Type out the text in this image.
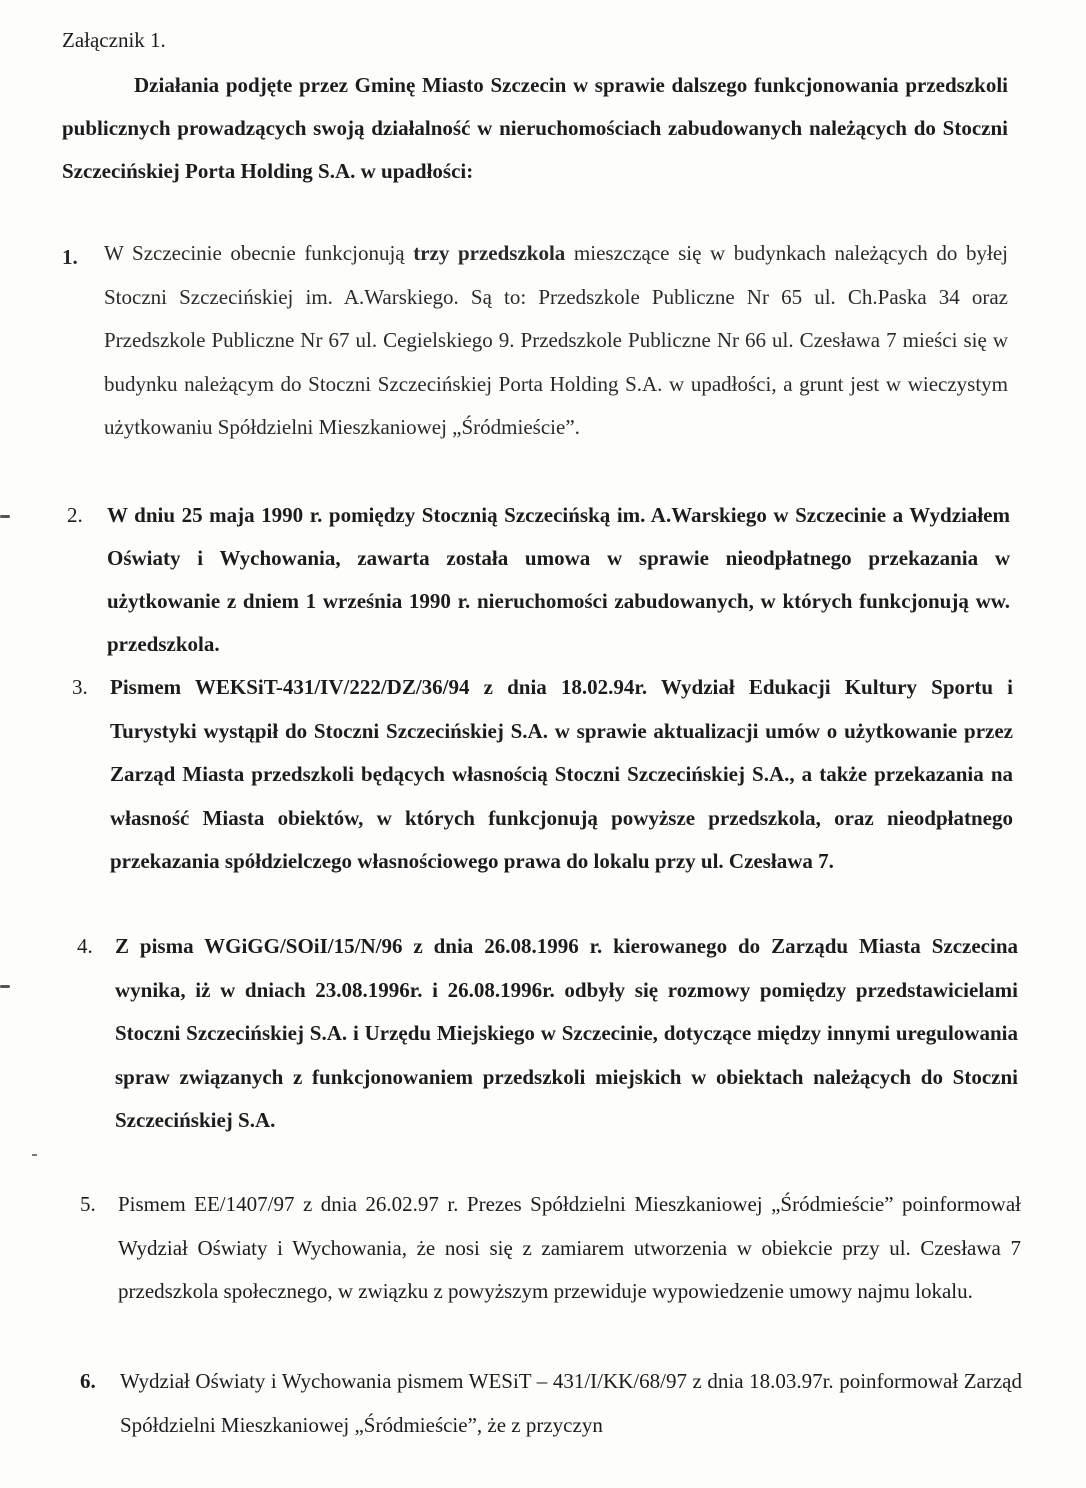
Załącznik 1.
Działania podjęte przez Gminę Miasto Szczecin w sprawie dalszego funkcjonowania przedszkoli publicznych prowadzących swoją działalność w nieruchomościach zabudowanych należących do Stoczni Szczecińskiej Porta Holding S.A. w upadłości:
1. W Szczecinie obecnie funkcjonują trzy przedszkola mieszczące się w budynkach należących do byłej Stoczni Szczecińskiej im. A.Warskiego. Są to: Przedszkole Publiczne Nr 65 ul. Ch.Paska 34 oraz Przedszkole Publiczne Nr 67 ul. Cegielskiego 9. Przedszkole Publiczne Nr 66 ul. Czesława 7 mieści się w budynku należącym do Stoczni Szczecińskiej Porta Holding S.A. w upadłości, a grunt jest w wieczystym użytkowaniu Spółdzielni Mieszkaniowej „Śródmieście”.
2. W dniu 25 maja 1990 r. pomiędzy Stocznią Szczecińską im. A.Warskiego w Szczecinie a Wydziałem Oświaty i Wychowania, zawarta została umowa w sprawie nieodpłatnego przekazania w użytkowanie z dniem 1 września 1990 r. nieruchomości zabudowanych, w których funkcjonują ww. przedszkola.
3. Pismem WEKSiT-431/IV/222/DZ/36/94 z dnia 18.02.94r. Wydział Edukacji Kultury Sportu i Turystyki wystąpił do Stoczni Szczecińskiej S.A. w sprawie aktualizacji umów o użytkowanie przez Zarząd Miasta przedszkoli będących własnością Stoczni Szczecińskiej S.A., a także przekazania na własność Miasta obiektów, w których funkcjonują powyższe przedszkola, oraz nieodpłatnego przekazania spółdzielczego własnościowego prawa do lokalu przy ul. Czesława 7.
4. Z pisma WGiGG/SOiI/15/N/96 z dnia 26.08.1996 r. kierowanego do Zarządu Miasta Szczecina wynika, iż w dniach 23.08.1996r. i 26.08.1996r. odbyły się rozmowy pomiędzy przedstawicielami Stoczni Szczecińskiej S.A. i Urzędu Miejskiego w Szczecinie, dotyczące między innymi uregulowania spraw związanych z funkcjonowaniem przedszkoli miejskich w obiektach należących do Stoczni Szczecińskiej S.A.
5. Pismem EE/1407/97 z dnia 26.02.97 r. Prezes Spółdzielni Mieszkaniowej „Śródmieście” poinformował Wydział Oświaty i Wychowania, że nosi się z zamiarem utworzenia w obiekcie przy ul. Czesława 7 przedszkola społecznego, w związku z powyższym przewiduje wypowiedzenie umowy najmu lokalu.
6. Wydział Oświaty i Wychowania pismem WESiT – 431/I/KK/68/97 z dnia 18.03.97r. poinformował Zarząd Spółdzielni Mieszkaniowej „Śródmieście”, że z przyczyn
